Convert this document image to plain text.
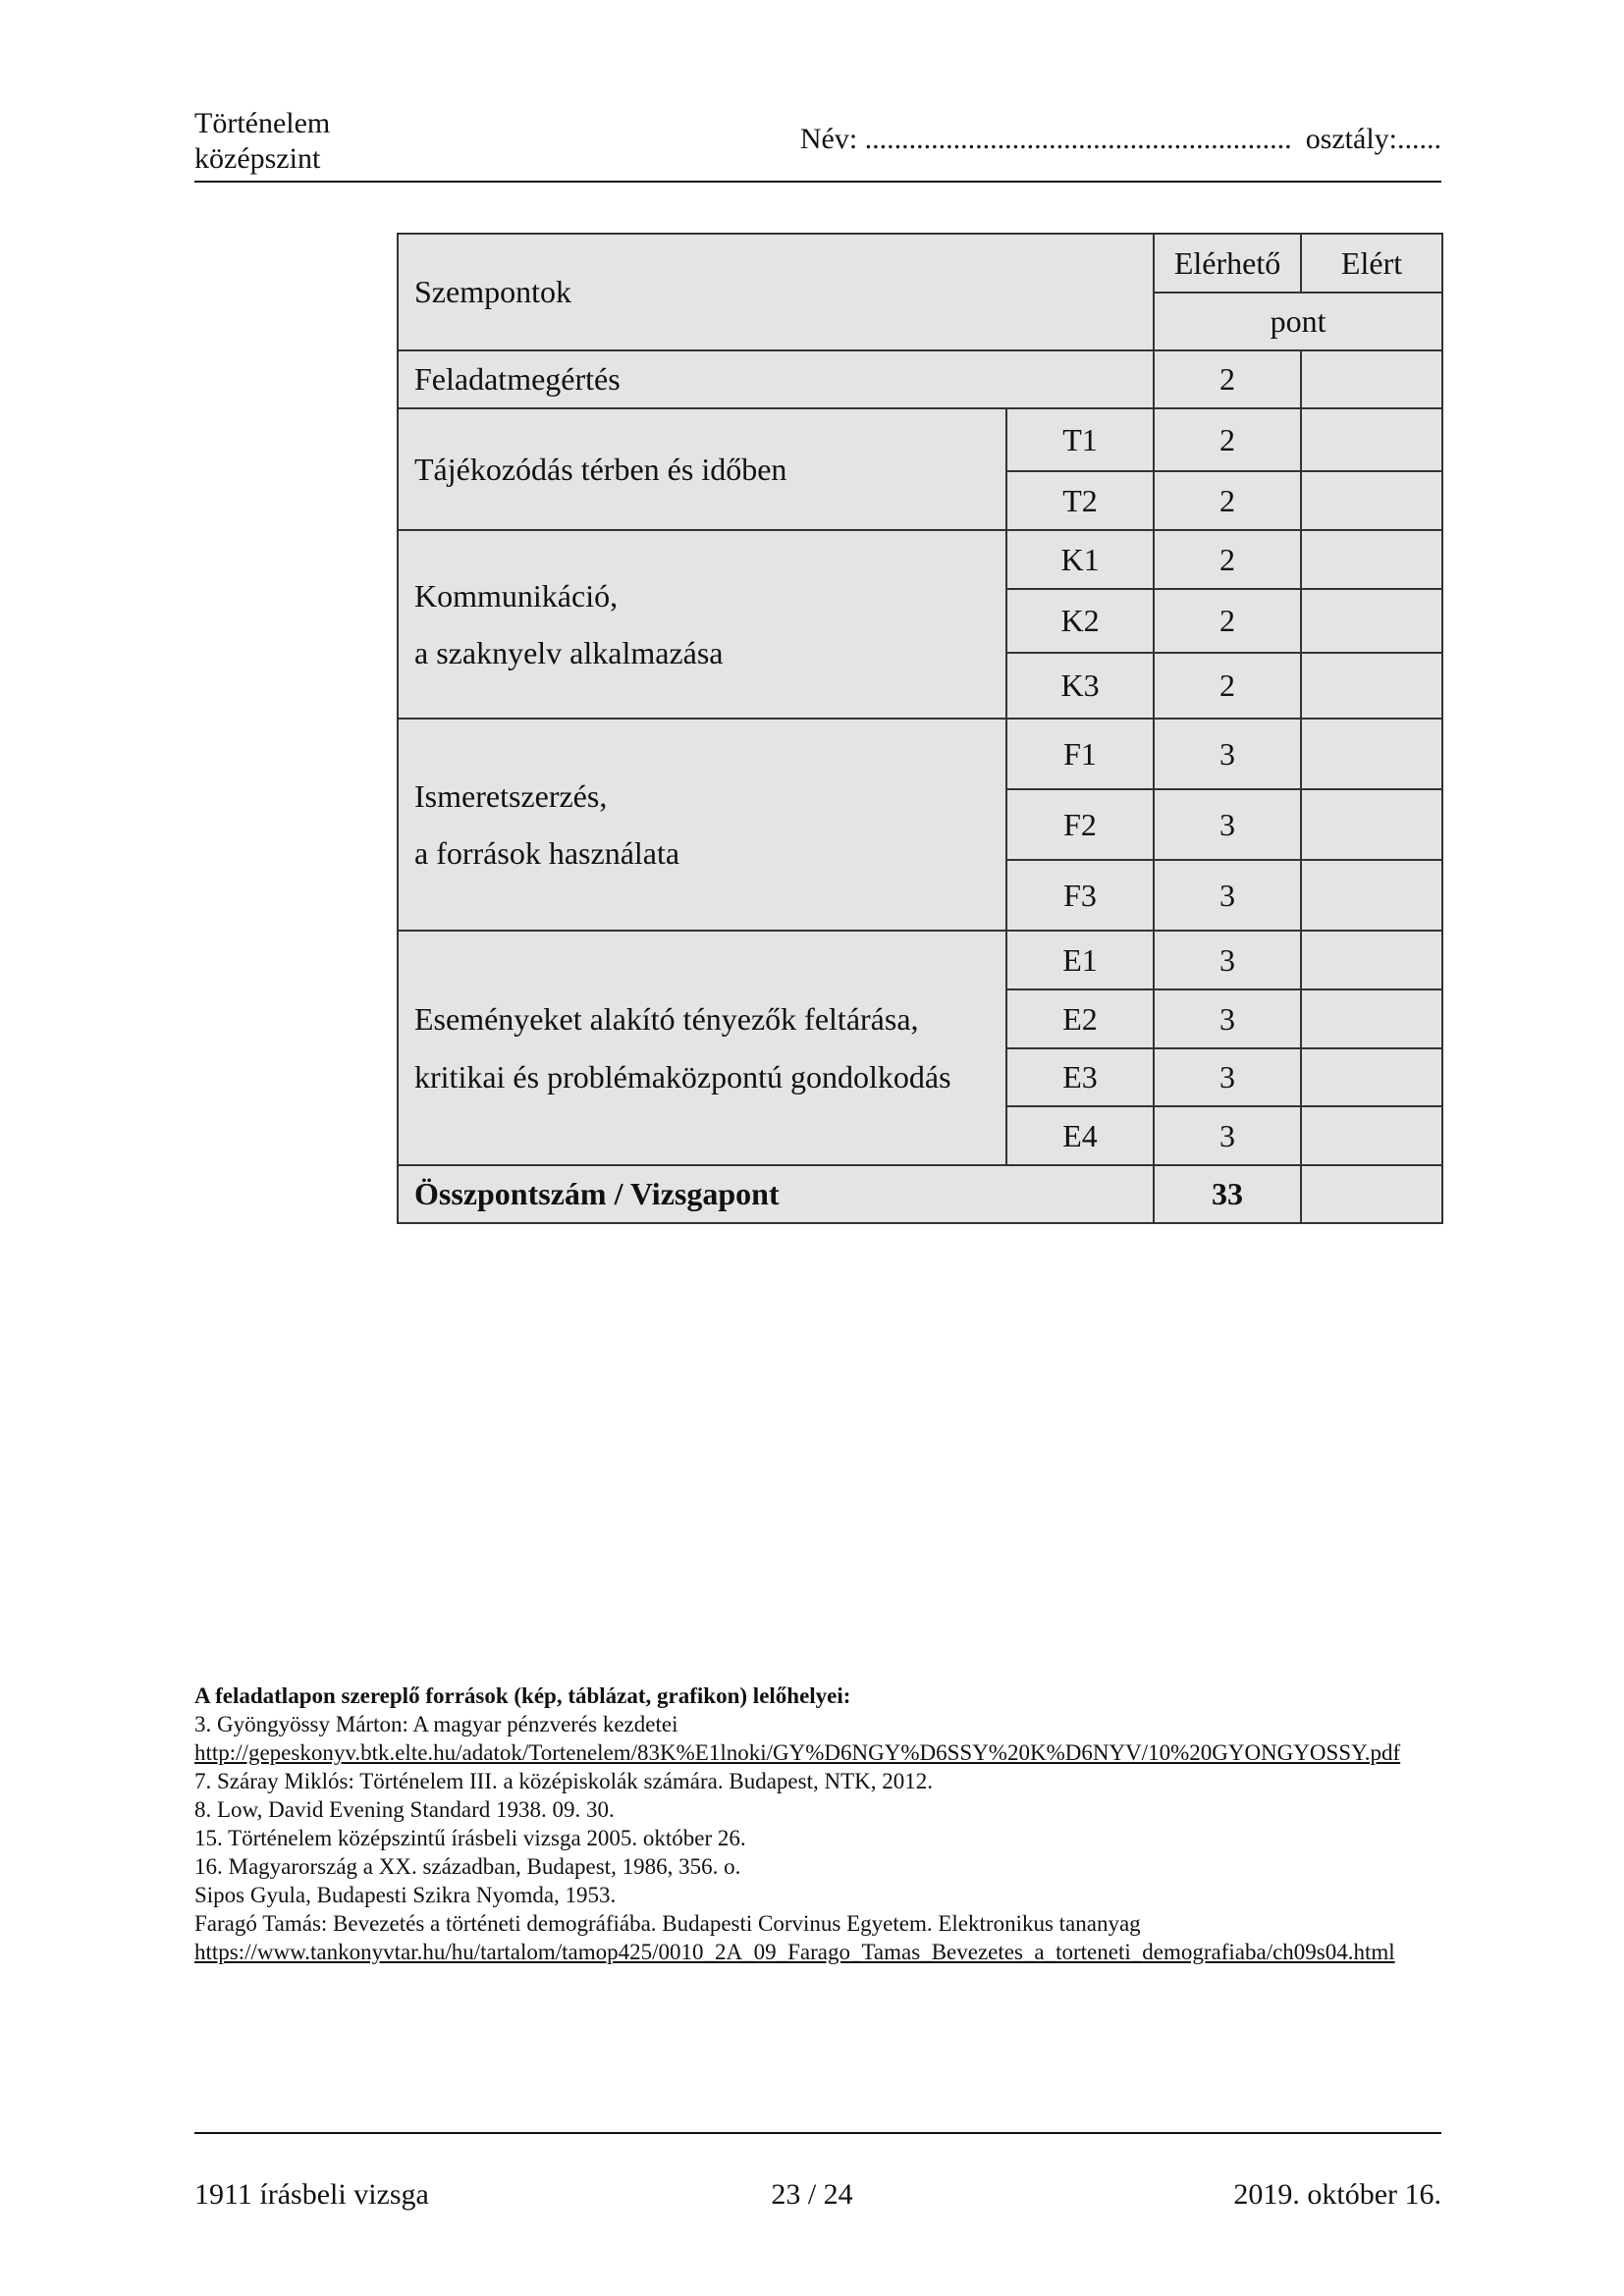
Történelem
középszint
Név: .......................................................... osztály:......
Szempontok		Elérhető	Elért
		pont	
Feladatmegértés		2	
Tájékozódás térben és időben	T1	2	
	T2	2	

Kommunikáció,
a szaknyelv alkalmazása	K1	2	
	K2	2	
	K3	2	

Ismeretszerzés,
a források használata	F1	3	
	F2	3	
	F3	3	

Eseményeket alakító tényezők feltárása,
kritikai és problémaközpontú gondolkodás	E1	3	
	E2	3	
	E3	3	
	E4	3	
Összpontszám / Vizsgapont		33	
A feladatlapon szereplő források (kép, táblázat, grafikon) lelőhelyei:
3. Gyöngyössy Márton: A magyar pénzverés kezdetei
http://gepeskonyv.btk.elte.hu/adatok/Tortenelem/83K%E1lnoki/GY%D6NGY%D6SSY%20K%D6NYV/10%20GYONGYOSSY.pdf
7. Száray Miklós: Történelem III. a középiskolák számára. Budapest, NTK, 2012.
8. Low, David Evening Standard 1938. 09. 30.
15. Történelem középszintű írásbeli vizsga 2005. október 26.
16. Magyarország a XX. században, Budapest, 1986, 356. o.
Sipos Gyula, Budapesti Szikra Nyomda, 1953.
Faragó Tamás: Bevezetés a történeti demográfiába. Budapesti Corvinus Egyetem. Elektronikus tananyag
https://www.tankonyvtar.hu/hu/tartalom/tamop425/0010_2A_09_Farago_Tamas_Bevezetes_a_torteneti_demografiaba/ch09s04.html
1911 írásbeli vizsga	23 / 24	2019. október 16.
